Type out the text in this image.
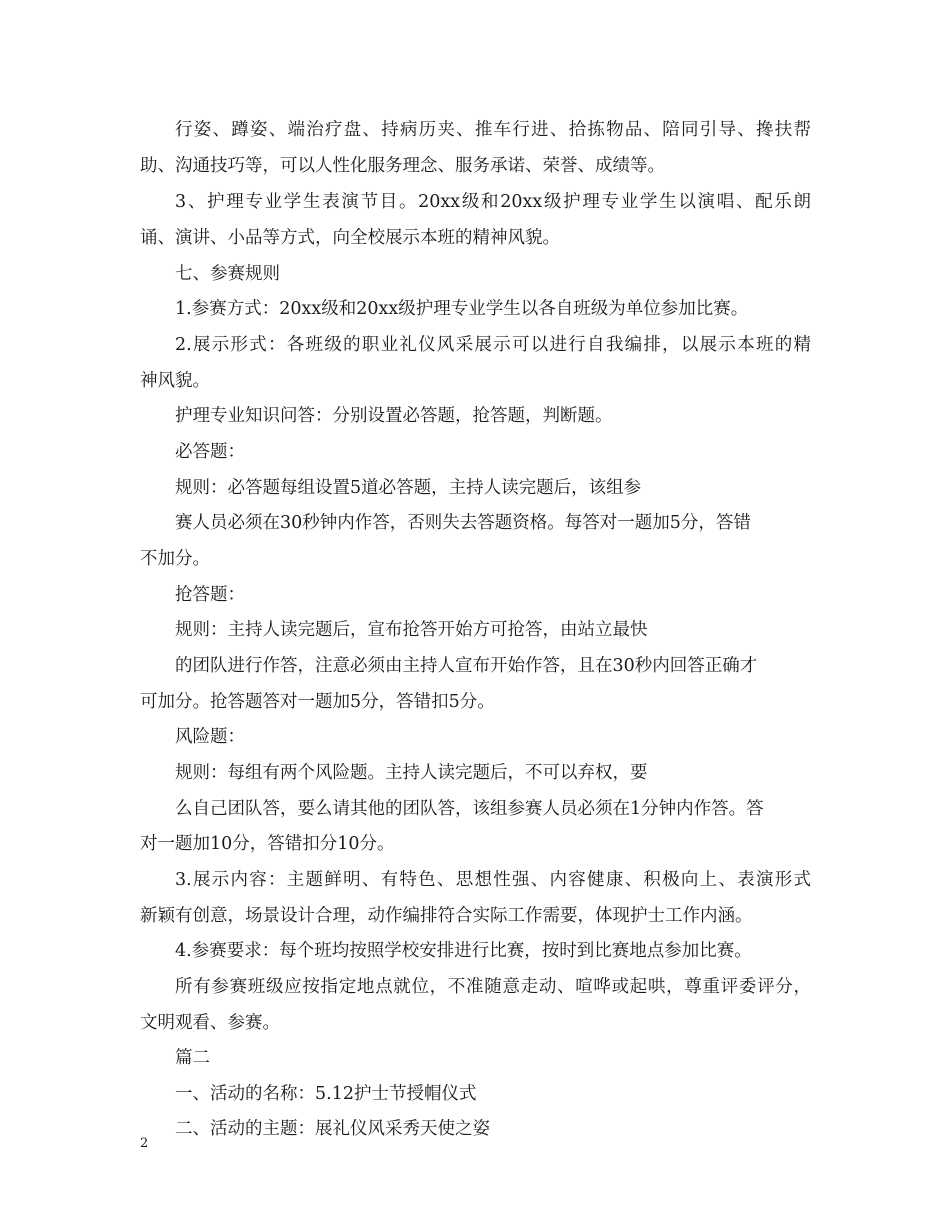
行姿、蹲姿、端治疗盘、持病历夹、推车行进、拾拣物品、陪同引导、搀扶帮

助、沟通技巧等，可以人性化服务理念、服务承诺、荣誉、成绩等。

3、护理专业学生表演节目。20xx级和20xx级护理专业学生以演唱、配乐朗

诵、演讲、小品等方式，向全校展示本班的精神风貌。

七、参赛规则

1.参赛方式：20xx级和20xx级护理专业学生以各自班级为单位参加比赛。

2.展示形式：各班级的职业礼仪风采展示可以进行自我编排，以展示本班的精

神风貌。

护理专业知识问答：分别设置必答题，抢答题，判断题。

必答题：

规则：必答题每组设置5道必答题，主持人读完题后，该组参

赛人员必须在30秒钟内作答，否则失去答题资格。每答对一题加5分，答错

不加分。

抢答题：

规则：主持人读完题后，宣布抢答开始方可抢答，由站立最快

的团队进行作答，注意必须由主持人宣布开始作答，且在30秒内回答正确才

可加分。抢答题答对一题加5分，答错扣5分。

风险题：

规则：每组有两个风险题。主持人读完题后，不可以弃权，要

么自己团队答，要么请其他的团队答，该组参赛人员必须在1分钟内作答。答

对一题加10分，答错扣分10分。

3.展示内容：主题鲜明、有特色、思想性强、内容健康、积极向上、表演形式

新颖有创意，场景设计合理，动作编排符合实际工作需要，体现护士工作内涵。

4.参赛要求：每个班均按照学校安排进行比赛，按时到比赛地点参加比赛。

所有参赛班级应按指定地点就位，不准随意走动、喧哗或起哄，尊重评委评分，

文明观看、参赛。

篇二

一、活动的名称：5.12护士节授帽仪式

二、活动的主题：展礼仪风采秀天使之姿

2
